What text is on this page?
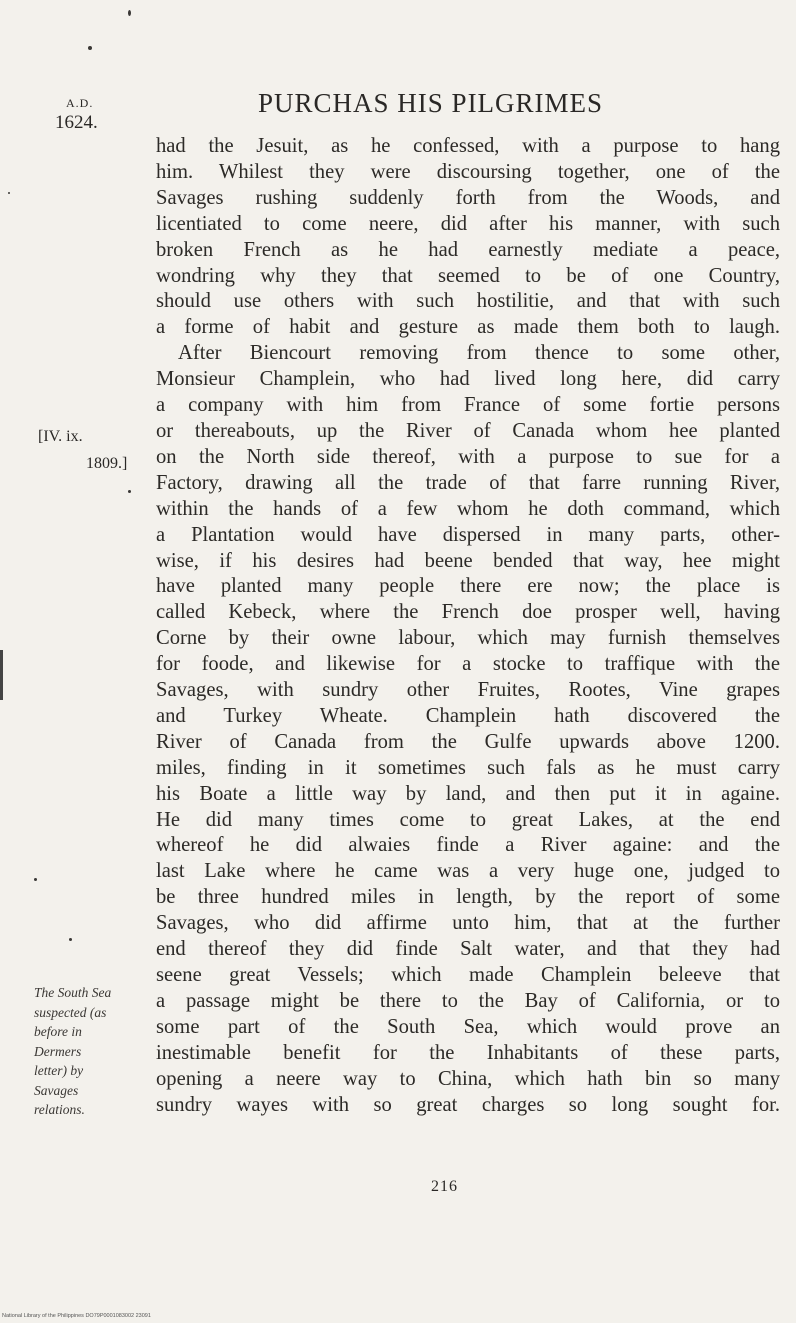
PURCHAS HIS PILGRIMES
A.D.
1624.
[IV. ix.
1809.]
had the Jesuit, as he confessed, with a purpose to hang
him. Whilest they were discoursing together, one of the
Savages rushing suddenly forth from the Woods, and
licentiated to come neere, did after his manner, with such
broken French as he had earnestly mediate a peace,
wondring why they that seemed to be of one Country,
should use others with such hostilitie, and that with such
a forme of habit and gesture as made them both to laugh.
After Biencourt removing from thence to some other,
Monsieur Champlein, who had lived long here, did carry
a company with him from France of some fortie persons
or thereabouts, up the River of Canada whom hee planted
on the North side thereof, with a purpose to sue for a
Factory, drawing all the trade of that farre running River,
within the hands of a few whom he doth command, which
a Plantation would have dispersed in many parts, other-
wise, if his desires had beene bended that way, hee might
have planted many people there ere now; the place is
called Kebeck, where the French doe prosper well, having
Corne by their owne labour, which may furnish themselves
for foode, and likewise for a stocke to traffique with the
Savages, with sundry other Fruites, Rootes, Vine grapes
and Turkey Wheate. Champlein hath discovered the
River of Canada from the Gulfe upwards above 1200.
miles, finding in it sometimes such fals as he must carry
his Boate a little way by land, and then put it in againe.
He did many times come to great Lakes, at the end
whereof he did alwaies finde a River againe: and the
last Lake where he came was a very huge one, judged to
be three hundred miles in length, by the report of some
Savages, who did affirme unto him, that at the further
end thereof they did finde Salt water, and that they had
seene great Vessels; which made Champlein beleeve that
a passage might be there to the Bay of California, or to
some part of the South Sea, which would prove an
inestimable benefit for the Inhabitants of these parts,
opening a neere way to China, which hath bin so many
sundry wayes with so great charges so long sought for.
The South Sea
suspected (as
before in
Dermers
letter) by
Savages
relations.
216
National Library of the Philippines DO79P0001083002 23091
